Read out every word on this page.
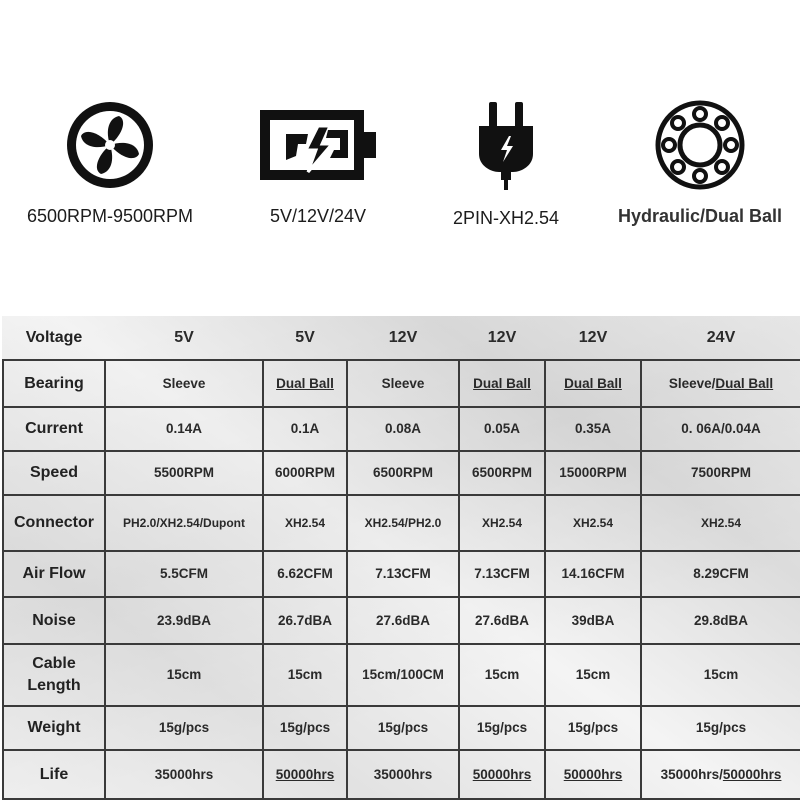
6500RPM-9500RPM	5V/12V/24V	2PIN-XH2.54	Hydraulic/Dual Ball
Voltage	5V	5V	12V	12V	12V	24V
Bearing	Sleeve	Dual Ball	Sleeve	Dual Ball	Dual Ball	Sleeve/Dual Ball
Current	0.14A	0.1A	0.08A	0.05A	0.35A	0. 06A/0.04A
Speed	5500RPM	6000RPM	6500RPM	6500RPM	15000RPM	7500RPM
Connector	PH2.0/XH2.54/Dupont	XH2.54	XH2.54/PH2.0	XH2.54	XH2.54	XH2.54
Air Flow	5.5CFM	6.62CFM	7.13CFM	7.13CFM	14.16CFM	8.29CFM
Noise	23.9dBA	26.7dBA	27.6dBA	27.6dBA	39dBA	29.8dBA
Cable
Length	15cm	15cm	15cm/100CM	15cm	15cm	15cm
Weight	15g/pcs	15g/pcs	15g/pcs	15g/pcs	15g/pcs	15g/pcs
Life	35000hrs	50000hrs	35000hrs	50000hrs	50000hrs	35000hrs/50000hrs
